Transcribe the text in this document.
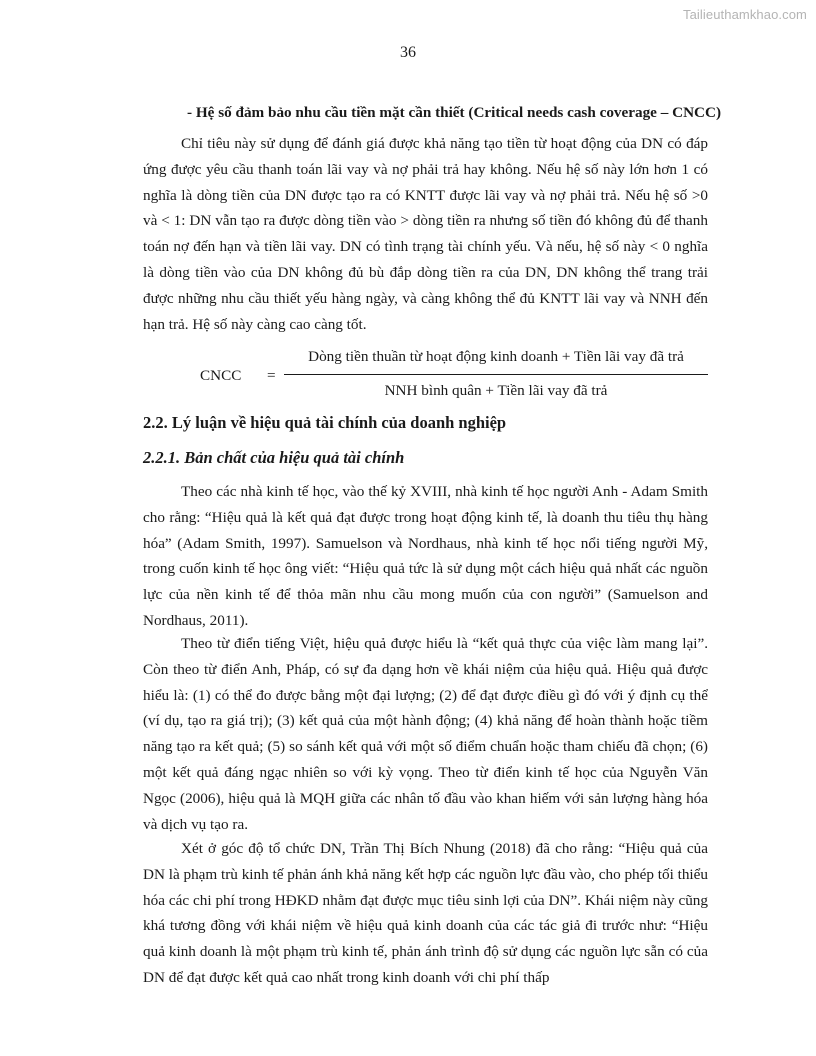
Tailieuthamkhao.com
36
- Hệ số đảm bảo nhu cầu tiền mặt cần thiết (Critical needs cash coverage – CNCC)

Chỉ tiêu này sử dụng để đánh giá được khả năng tạo tiền từ hoạt động của DN có đáp ứng được yêu cầu thanh toán lãi vay và nợ phải trả hay không. Nếu hệ số này lớn hơn 1 có nghĩa là dòng tiền của DN được tạo ra có KNTT được lãi vay và nợ phải trả. Nếu hệ số >0 và < 1: DN vẫn tạo ra được dòng tiền vào > dòng tiền ra nhưng số tiền đó không đủ để thanh toán nợ đến hạn và tiền lãi vay. DN có tình trạng tài chính yếu. Và nếu, hệ số này < 0 nghĩa là dòng tiền vào của DN không đủ bù đắp dòng tiền ra của DN, DN không thể trang trải được những nhu cầu thiết yếu hàng ngày, và càng không thể đủ KNTT lãi vay và NNH đến hạn trả. Hệ số này càng cao càng tốt.

CNCC =
Dòng tiền thuần từ hoạt động kinh doanh + Tiền lãi vay đã trả
NNH bình quân + Tiền lãi vay đã trả
2.2. Lý luận về hiệu quả tài chính của doanh nghiệp
2.2.1. Bản chất của hiệu quả tài chính

Theo các nhà kinh tế học, vào thế kỷ XVIII, nhà kinh tế học người Anh - Adam Smith cho rằng: “Hiệu quả là kết quả đạt được trong hoạt động kinh tế, là doanh thu tiêu thụ hàng hóa” (Adam Smith, 1997). Samuelson và Nordhaus, nhà kinh tế học nổi tiếng người Mỹ, trong cuốn kinh tế học ông viết: “Hiệu quả tức là sử dụng một cách hiệu quả nhất các nguồn lực của nền kinh tế để thỏa mãn nhu cầu mong muốn của con người” (Samuelson and Nordhaus, 2011).

Theo từ điển tiếng Việt, hiệu quả được hiểu là “kết quả thực của việc làm mang lại”. Còn theo từ điển Anh, Pháp, có sự đa dạng hơn về khái niệm của hiệu quả. Hiệu quả được hiểu là: (1) có thể đo được bằng một đại lượng; (2) để đạt được điều gì đó với ý định cụ thể (ví dụ, tạo ra giá trị); (3) kết quả của một hành động; (4) khả năng để hoàn thành hoặc tiềm năng tạo ra kết quả; (5) so sánh kết quả với một số điểm chuẩn hoặc tham chiếu đã chọn; (6) một kết quả đáng ngạc nhiên so với kỳ vọng. Theo từ điển kinh tế học của Nguyễn Văn Ngọc (2006), hiệu quả là MQH giữa các nhân tố đầu vào khan hiếm với sản lượng hàng hóa và dịch vụ tạo ra.

Xét ở góc độ tổ chức DN, Trần Thị Bích Nhung (2018) đã cho rằng: “Hiệu quả của DN là phạm trù kinh tế phản ánh khả năng kết hợp các nguồn lực đầu vào, cho phép tối thiểu hóa các chi phí trong HĐKD nhằm đạt được mục tiêu sinh lợi của DN”. Khái niệm này cũng khá tương đồng với khái niệm về hiệu quả kinh doanh của các tác giả đi trước như: “Hiệu quả kinh doanh là một phạm trù kinh tế, phản ánh trình độ sử dụng các nguồn lực sẵn có của DN để đạt được kết quả cao nhất trong kinh doanh với chi phí thấp
